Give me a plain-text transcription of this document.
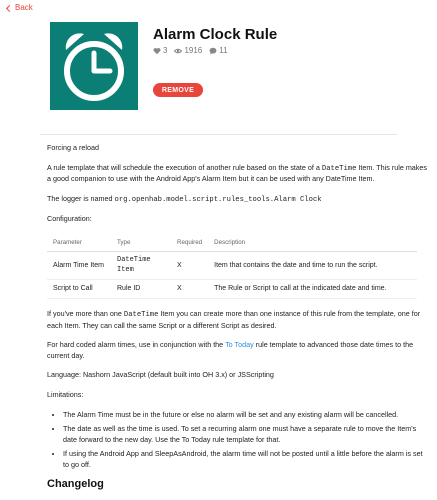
Back
Alarm Clock Rule
3 1916 11
REMOVE

Forcing a reload

A rule template that will schedule the execution of another rule based on the state of a DateTime Item. This rule makes a good companion to use with the Android App's Alarm Item but it can be used with any DateTime Item.

The logger is named org.openhab.model.script.rules_tools.Alarm Clock

Configuration:

Parameter	Type	Required	Description
Alarm Time Item	DateTime Item	X	Item that contains the date and time to run the script.
Script to Call	Rule ID	X	The Rule or Script to call at the indicated date and time.

If you've more than one DateTime Item you can create more than one instance of this rule from the template, one for each Item. They can call the same Script or a different Script as desired.

For hard coded alarm times, use in conjunction with the To Today rule template to advanced those date times to the current day.

Language: Nashorn JavaScript (default built into OH 3.x) or JSScripting

Limitations:

• The Alarm Time must be in the future or else no alarm will be set and any existing alarm will be cancelled.
• The date as well as the time is used. To set a recurring alarm one must have a separate rule to move the Item's date forward to the new day. Use the To Today rule template for that.
• If using the Android App and SleepAsAndroid, the alarm time will not be posted until a little before the alarm is set to go off.
Changelog
